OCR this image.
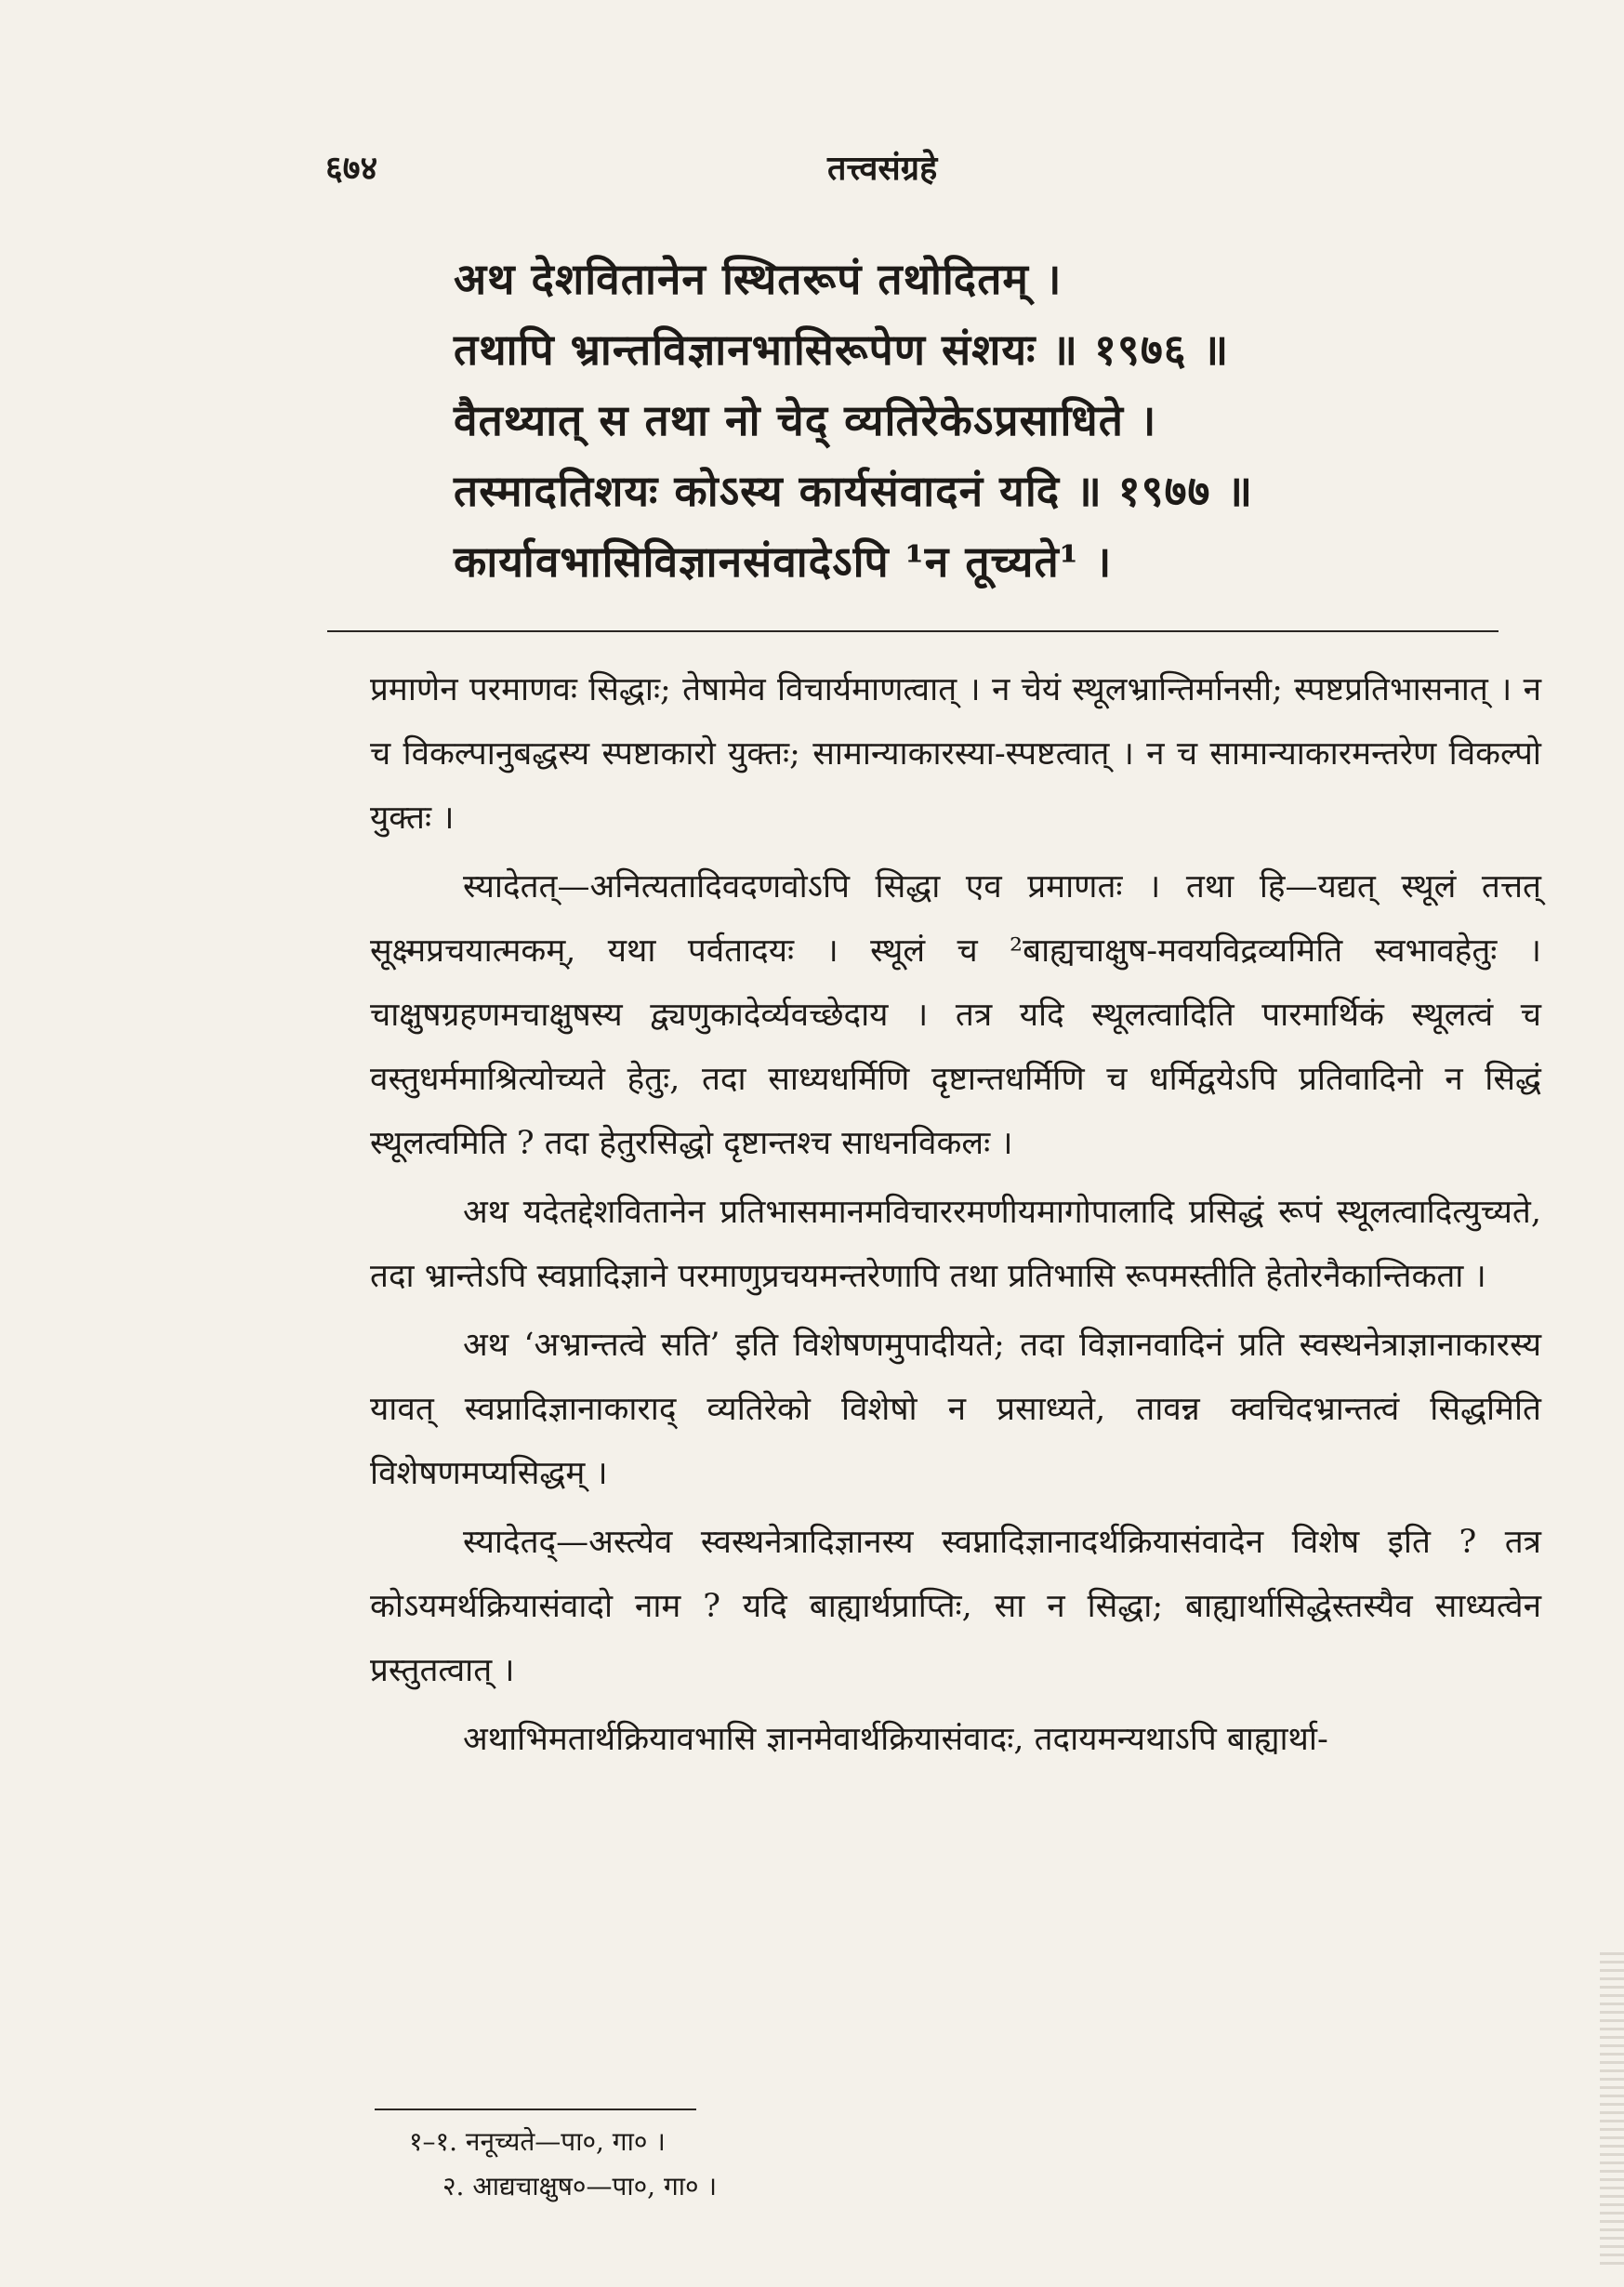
६७४	तत्त्वसंग्रहे
अथ देशवितानेन स्थितरूपं तथोदितम् ।
तथापि भ्रान्तविज्ञानभासिरूपेण संशयः ॥ १९७६ ॥
वैतथ्यात् स तथा नो चेद् व्यतिरेकेऽप्रसाधिते ।
तस्मादतिशयः कोऽस्य कार्यसंवादनं यदि ॥ १९७७ ॥
कार्यावभासिविज्ञानसंवादेऽपि ¹न तूच्यते¹ ।

प्रमाणेन परमाणवः सिद्धाः; तेषामेव विचार्यमाणत्वात् । न चेयं स्थूलभ्रान्तिर्मानसी; स्पष्टप्रतिभासनात् । न च विकल्पानुबद्धस्य स्पष्टाकारो युक्तः; सामान्याकारस्या-स्पष्टत्वात् । न च सामान्याकारमन्तरेण विकल्पो युक्तः ।

स्यादेतत्—अनित्यतादिवदणवोऽपि सिद्धा एव प्रमाणतः । तथा हि—यद्यत् स्थूलं तत्तत् सूक्ष्मप्रचयात्मकम्, यथा पर्वतादयः । स्थूलं च ²बाह्यचाक्षुष-मवयविद्रव्यमिति स्वभावहेतुः । चाक्षुषग्रहणमचाक्षुषस्य द्व्यणुकादेर्व्यवच्छेदाय । तत्र यदि स्थूलत्वादिति पारमार्थिकं स्थूलत्वं च वस्तुधर्ममाश्रित्योच्यते हेतुः, तदा साध्यधर्मिणि दृष्टान्तधर्मिणि च धर्मिद्वयेऽपि प्रतिवादिनो न सिद्धं स्थूलत्वमिति ? तदा हेतुरसिद्धो दृष्टान्तश्च साधनविकलः ।

अथ यदेतद्देशवितानेन प्रतिभासमानमविचाररमणीयमागोपालादि प्रसिद्धं रूपं स्थूलत्वादित्युच्यते, तदा भ्रान्तेऽपि स्वप्नादिज्ञाने परमाणुप्रचयमन्तरेणापि तथा प्रतिभासि रूपमस्तीति हेतोरनैकान्तिकता ।

अथ ‘अभ्रान्तत्वे सति’ इति विशेषणमुपादीयते; तदा विज्ञानवादिनं प्रति स्वस्थनेत्राज्ञानाकारस्य यावत् स्वप्नादिज्ञानाकाराद् व्यतिरेको विशेषो न प्रसाध्यते, तावन्न क्वचिदभ्रान्तत्वं सिद्धमिति विशेषणमप्यसिद्धम् ।

स्यादेतद्—अस्त्येव स्वस्थनेत्रादिज्ञानस्य स्वप्नादिज्ञानादर्थक्रियासंवादेन विशेष इति ? तत्र कोऽयमर्थक्रियासंवादो नाम ? यदि बाह्यार्थप्राप्तिः, सा न सिद्धा; बाह्यार्थासिद्धेस्तस्यैव साध्यत्वेन प्रस्तुतत्वात् ।

अथाभिमतार्थक्रियावभासि ज्ञानमेवार्थक्रियासंवादः, तदायमन्यथाऽपि बाह्यार्था-

१–१. ननूच्यते—पा०, गा० ।
२. आद्यचाक्षुष०—पा०, गा० ।
